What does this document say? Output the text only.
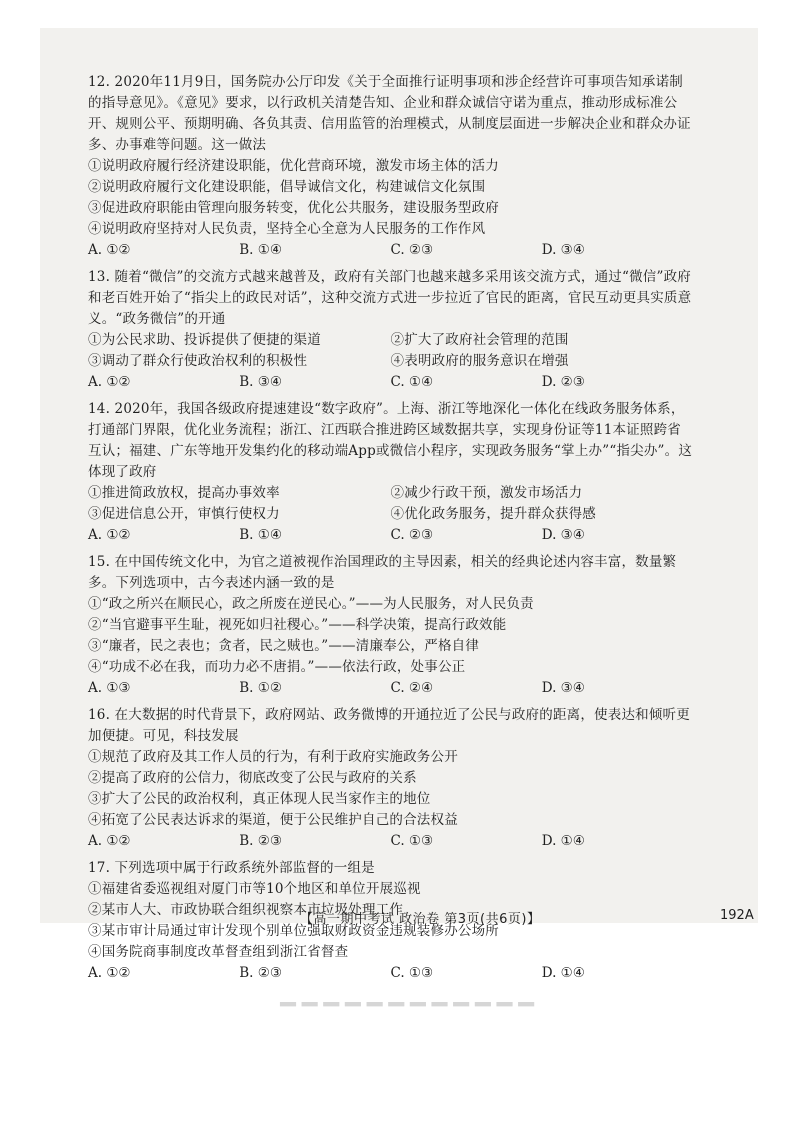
12. 2020年11月9日，国务院办公厅印发《关于全面推行证明事项和涉企经营许可事项告知承诺制的指导意见》。《意见》要求，以行政机关清楚告知、企业和群众诚信守诺为重点，推动形成标准公开、规则公平、预期明确、各负其责、信用监管的治理模式，从制度层面进一步解决企业和群众办证多、办事难等问题。这一做法
①说明政府履行经济建设职能，优化营商环境，激发市场主体的活力
②说明政府履行文化建设职能，倡导诚信文化，构建诚信文化氛围
③促进政府职能由管理向服务转变，优化公共服务，建设服务型政府
④说明政府坚持对人民负责，坚持全心全意为人民服务的工作作风
A. ①②	B. ①④	C. ②③	D. ③④
13. 随着“微信”的交流方式越来越普及，政府有关部门也越来越多采用该交流方式，通过“微信”政府和老百姓开始了“指尖上的政民对话”，这种交流方式进一步拉近了官民的距离，官民互动更具实质意义。“政务微信”的开通
①为公民求助、投诉提供了便捷的渠道	②扩大了政府社会管理的范围
③调动了群众行使政治权利的积极性	④表明政府的服务意识在增强
A. ①②	B. ③④	C. ①④	D. ②③
14. 2020年，我国各级政府提速建设“数字政府”。上海、浙江等地深化一体化在线政务服务体系，打通部门界限，优化业务流程；浙江、江西联合推进跨区域数据共享，实现身份证等11本证照跨省互认；福建、广东等地开发集约化的移动端App或微信小程序，实现政务服务“掌上办”“指尖办”。这体现了政府
①推进简政放权，提高办事效率	②减少行政干预，激发市场活力
③促进信息公开，审慎行使权力	④优化政务服务，提升群众获得感
A. ①②	B. ①④	C. ②③	D. ③④
15. 在中国传统文化中，为官之道被视作治国理政的主导因素，相关的经典论述内容丰富，数量繁多。下列选项中，古今表述内涵一致的是
①“政之所兴在顺民心，政之所废在逆民心。”——为人民服务，对人民负责
②“当官避事平生耻，视死如归社稷心。”——科学决策，提高行政效能
③“廉者，民之表也；贪者，民之贼也。”——清廉奉公，严格自律
④“功成不必在我，而功力必不唐捐。”——依法行政，处事公正
A. ①③	B. ①②	C. ②④	D. ③④
16. 在大数据的时代背景下，政府网站、政务微博的开通拉近了公民与政府的距离，使表达和倾听更加便捷。可见，科技发展
①规范了政府及其工作人员的行为，有利于政府实施政务公开
②提高了政府的公信力，彻底改变了公民与政府的关系
③扩大了公民的政治权利，真正体现人民当家作主的地位
④拓宽了公民表达诉求的渠道，便于公民维护自己的合法权益
A. ①②	B. ②③	C. ①③	D. ①④
17. 下列选项中属于行政系统外部监督的一组是
①福建省委巡视组对厦门市等10个地区和单位开展巡视
②某市人大、市政协联合组织视察本市垃圾处理工作
③某市审计局通过审计发现个别单位强取财政资金违规装修办公场所
④国务院商事制度改革督查组到浙江省督查
A. ①②	B. ②③	C. ①③	D. ①④
【高一期中考试 政治卷 第3页(共6页)】	192A
━━━━━━━━━━━━
